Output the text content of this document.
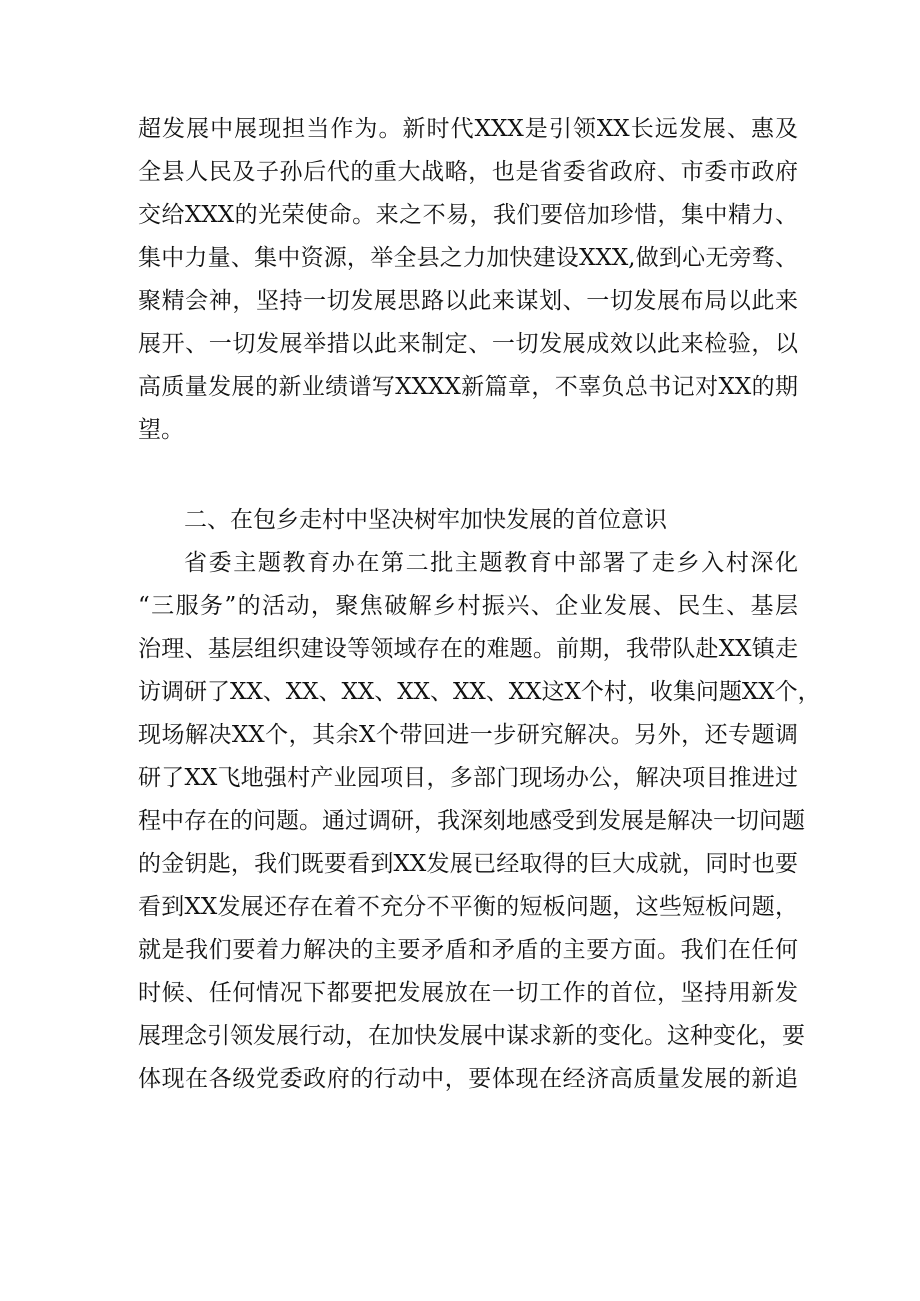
超发展中展现担当作为。新时代XXX是引领XX长远发展、惠及
全县人民及子孙后代的重大战略，也是省委省政府、市委市政府
交给XXX的光荣使命。来之不易，我们要倍加珍惜，集中精力、
集中力量、集中资源，举全县之力加快建设XXX,做到心无旁骛、
聚精会神，坚持一切发展思路以此来谋划、一切发展布局以此来
展开、一切发展举措以此来制定、一切发展成效以此来检验，以
高质量发展的新业绩谱写XXXX新篇章，不辜负总书记对XX的期
望。
二、在包乡走村中坚决树牢加快发展的首位意识
省委主题教育办在第二批主题教育中部署了走乡入村深化
“三服务”的活动，聚焦破解乡村振兴、企业发展、民生、基层
治理、基层组织建设等领域存在的难题。前期，我带队赴XX镇走
访调研了XX、XX、XX、XX、XX、XX这X个村，收集问题XX个，
现场解决XX个，其余X个带回进一步研究解决。另外，还专题调
研了XX飞地强村产业园项目，多部门现场办公，解决项目推进过
程中存在的问题。通过调研，我深刻地感受到发展是解决一切问题
的金钥匙，我们既要看到XX发展已经取得的巨大成就，同时也要
看到XX发展还存在着不充分不平衡的短板问题，这些短板问题，
就是我们要着力解决的主要矛盾和矛盾的主要方面。我们在任何
时候、任何情况下都要把发展放在一切工作的首位，坚持用新发
展理念引领发展行动，在加快发展中谋求新的变化。这种变化，要
体现在各级党委政府的行动中，要体现在经济高质量发展的新追
